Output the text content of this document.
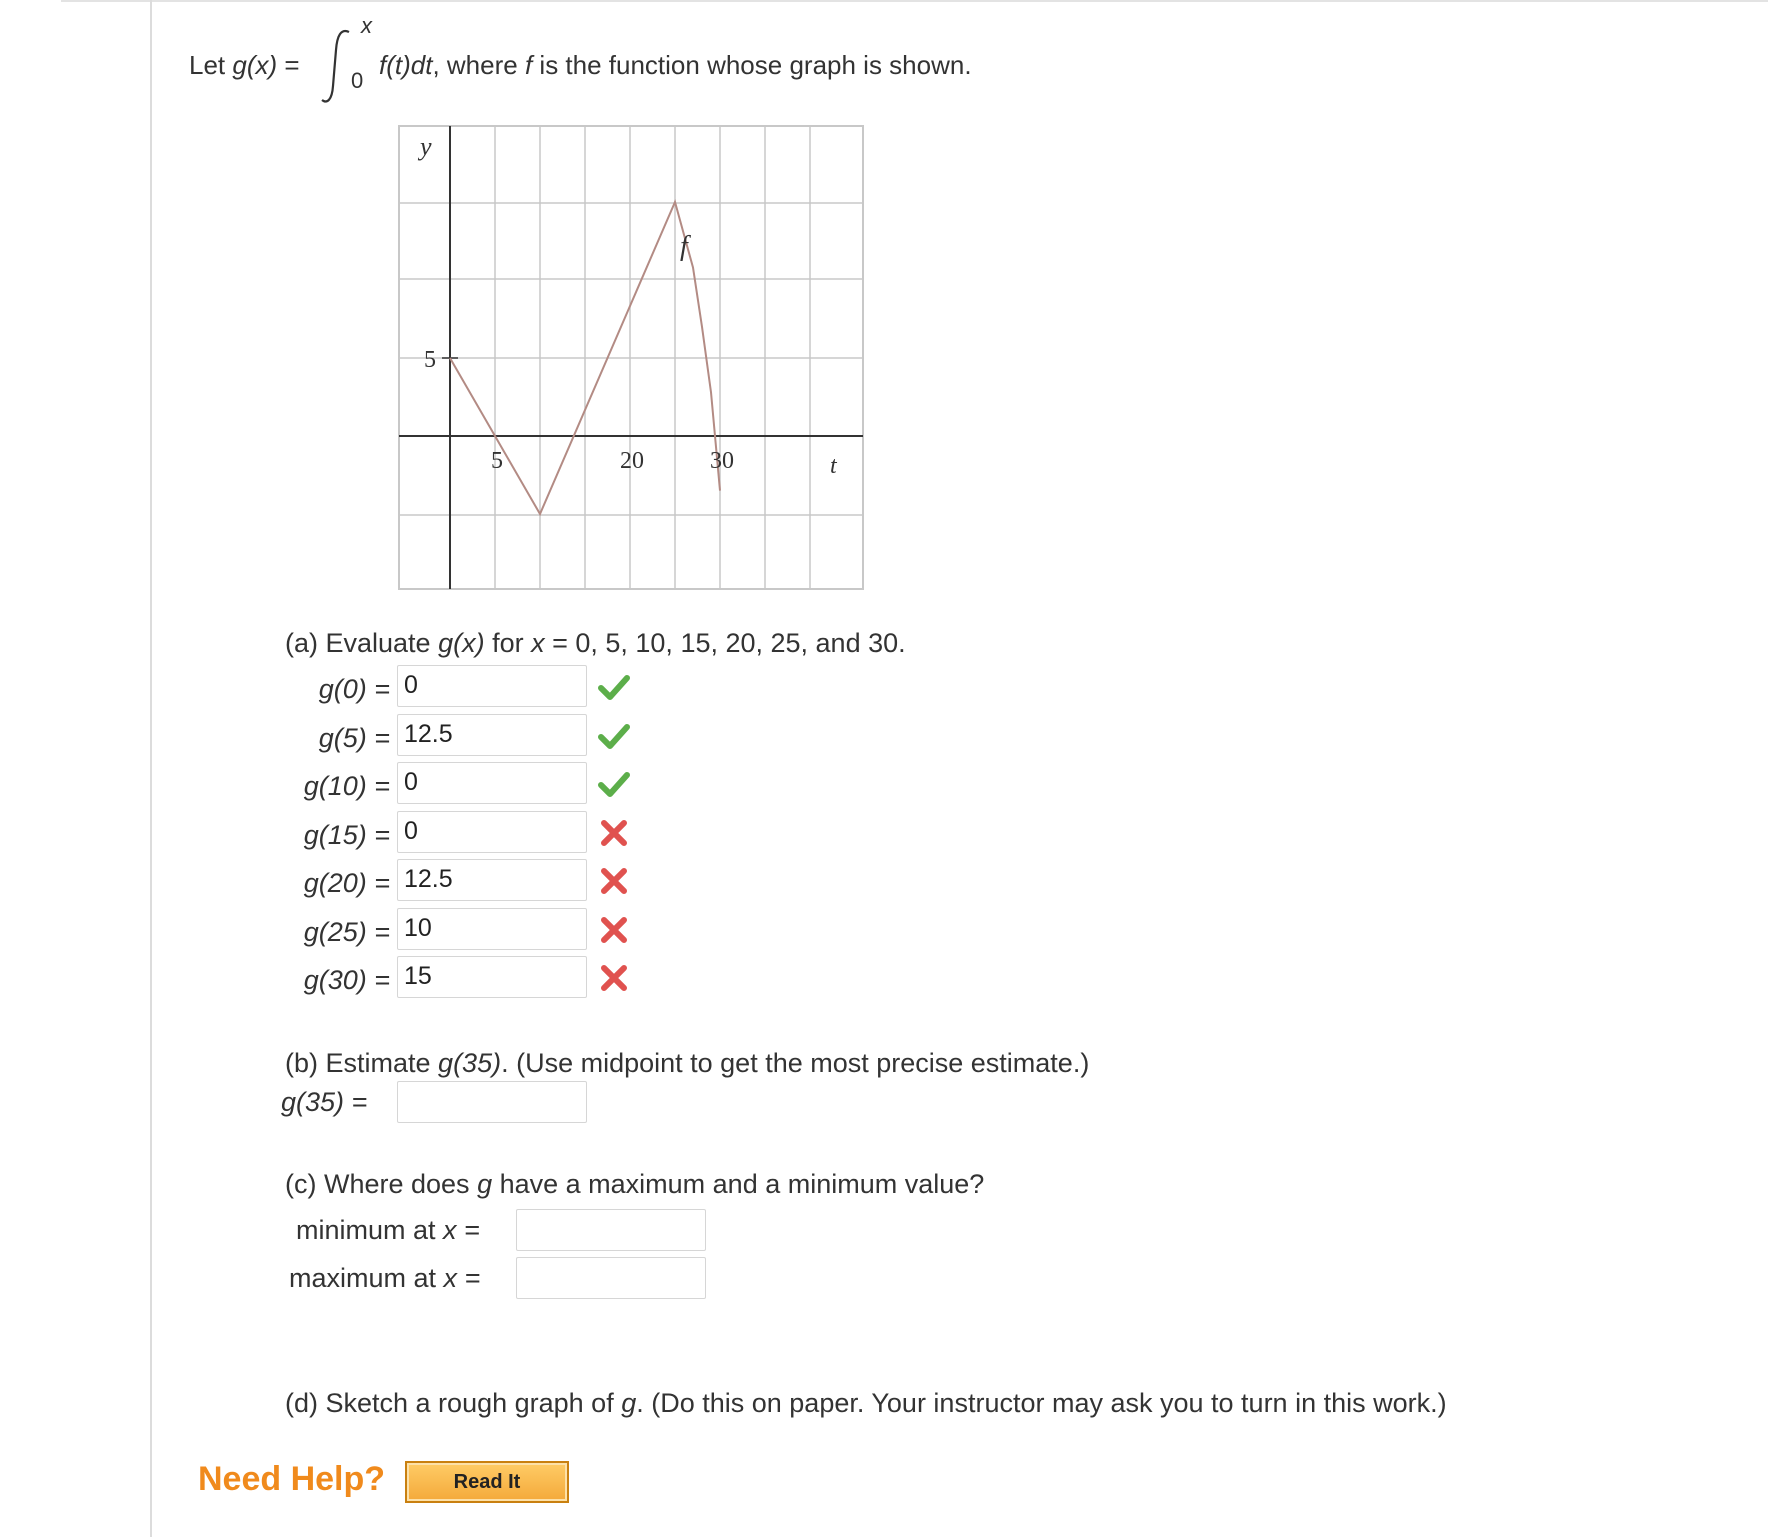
Let g(x) =
x
0
f(t)dt, where f is the function whose graph is shown.
y
t
f
5
5	20	30
(a) Evaluate g(x) for x = 0, 5, 10, 15, 20, 25, and 30.
g(0) = 0
g(5) = 12.5
g(10) = 0
g(15) = 0
g(20) = 12.5
g(25) = 10
g(30) = 15
(b) Estimate g(35). (Use midpoint to get the most precise estimate.)
g(35) =
(c) Where does g have a maximum and a minimum value?
minimum at x =
maximum at x =
(d) Sketch a rough graph of g. (Do this on paper. Your instructor may ask you to turn in this work.)
Need Help?	Read It
